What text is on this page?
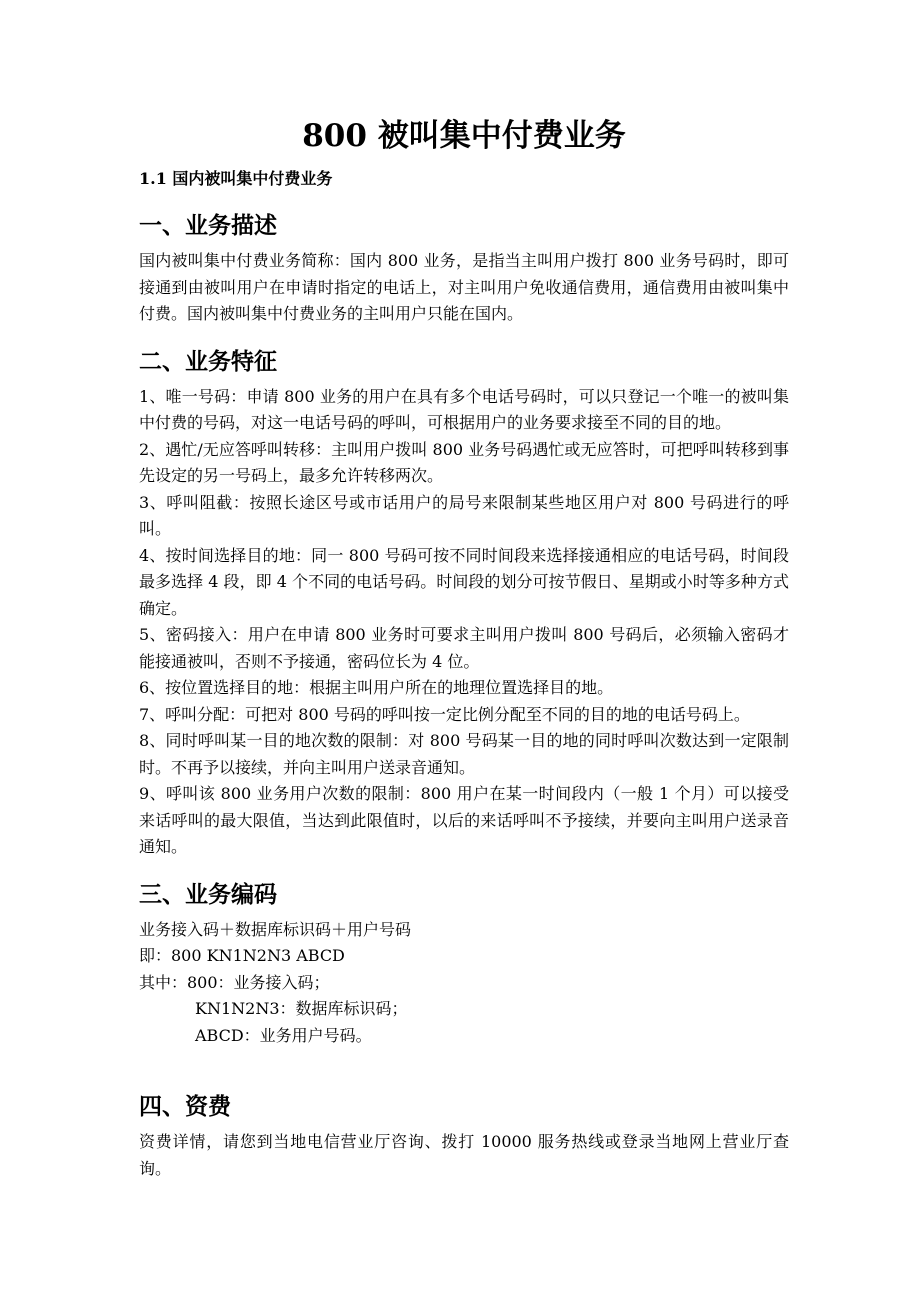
800 被叫集中付费业务
1.1 国内被叫集中付费业务
一、业务描述

国内被叫集中付费业务简称：国内 800 业务，是指当主叫用户拨打 800 业务号码时，即可接通到由被叫用户在申请时指定的电话上，对主叫用户免收通信费用，通信费用由被叫集中付费。国内被叫集中付费业务的主叫用户只能在国内。

二、业务特征

1、唯一号码：申请 800 业务的用户在具有多个电话号码时，可以只登记一个唯一的被叫集中付费的号码，对这一电话号码的呼叫，可根据用户的业务要求接至不同的目的地。

2、遇忙/无应答呼叫转移：主叫用户拨叫 800 业务号码遇忙或无应答时，可把呼叫转移到事先设定的另一号码上，最多允许转移两次。

3、呼叫阻截：按照长途区号或市话用户的局号来限制某些地区用户对 800 号码进行的呼叫。

4、按时间选择目的地：同一 800 号码可按不同时间段来选择接通相应的电话号码，时间段最多选择 4 段，即 4 个不同的电话号码。时间段的划分可按节假日、星期或小时等多种方式确定。

5、密码接入：用户在申请 800 业务时可要求主叫用户拨叫 800 号码后，必须输入密码才能接通被叫，否则不予接通，密码位长为 4 位。

6、按位置选择目的地：根据主叫用户所在的地理位置选择目的地。

7、呼叫分配：可把对 800 号码的呼叫按一定比例分配至不同的目的地的电话号码上。

8、同时呼叫某一目的地次数的限制：对 800 号码某一目的地的同时呼叫次数达到一定限制时。不再予以接续，并向主叫用户送录音通知。

9、呼叫该 800 业务用户次数的限制：800 用户在某一时间段内（一般 1 个月）可以接受来话呼叫的最大限值，当达到此限值时，以后的来话呼叫不予接续，并要向主叫用户送录音通知。

三、业务编码

业务接入码＋数据库标识码＋用户号码

即：800 KN1N2N3 ABCD

其中：800：业务接入码；

KN1N2N3：数据库标识码；

ABCD：业务用户号码。

四、资费

资费详情，请您到当地电信营业厅咨询、拨打 10000 服务热线或登录当地网上营业厅查询。
